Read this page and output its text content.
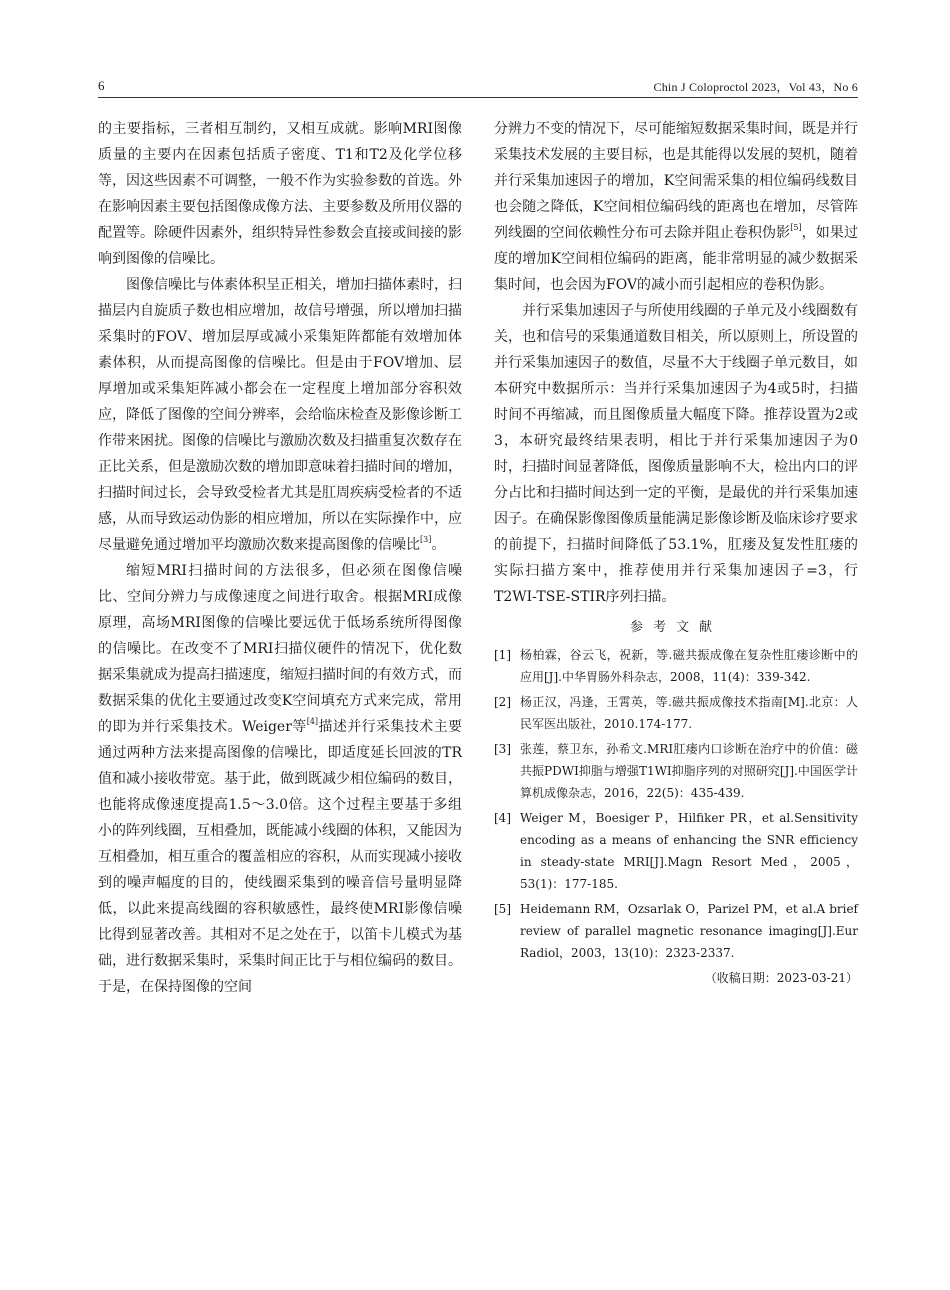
6	Chin J Coloproctol 2023，Vol 43，No 6

的主要指标，三者相互制约，又相互成就。影响MRI图像质量的主要内在因素包括质子密度、T1和T2及化学位移等，因这些因素不可调整，一般不作为实验参数的首选。外在影响因素主要包括图像成像方法、主要参数及所用仪器的配置等。除硬件因素外，组织特异性参数会直接或间接的影响到图像的信噪比。

图像信噪比与体素体积呈正相关，增加扫描体素时，扫描层内自旋质子数也相应增加，故信号增强，所以增加扫描采集时的FOV、增加层厚或减小采集矩阵都能有效增加体素体积，从而提高图像的信噪比。但是由于FOV增加、层厚增加或采集矩阵减小都会在一定程度上增加部分容积效应，降低了图像的空间分辨率，会给临床检查及影像诊断工作带来困扰。图像的信噪比与激励次数及扫描重复次数存在正比关系，但是激励次数的增加即意味着扫描时间的增加，扫描时间过长，会导致受检者尤其是肛周疾病受检者的不适感，从而导致运动伪影的相应增加，所以在实际操作中，应尽量避免通过增加平均激励次数来提高图像的信噪比[3]。

缩短MRI扫描时间的方法很多，但必须在图像信噪比、空间分辨力与成像速度之间进行取舍。根据MRI成像原理，高场MRI图像的信噪比要远优于低场系统所得图像的信噪比。在改变不了MRI扫描仪硬件的情况下，优化数据采集就成为提高扫描速度，缩短扫描时间的有效方式，而数据采集的优化主要通过改变K空间填充方式来完成，常用的即为并行采集技术。Weiger等[4]描述并行采集技术主要通过两种方法来提高图像的信噪比，即适度延长回波的TR值和减小接收带宽。基于此，做到既减少相位编码的数目，也能将成像速度提高1.5～3.0倍。这个过程主要基于多组小的阵列线圈，互相叠加，既能减小线圈的体积，又能因为互相叠加，相互重合的覆盖相应的容积，从而实现减小接收到的噪声幅度的目的，使线圈采集到的噪音信号量明显降低，以此来提高线圈的容积敏感性，最终使MRI影像信噪比得到显著改善。其相对不足之处在于，以笛卡儿模式为基础，进行数据采集时，采集时间正比于与相位编码的数目。于是，在保持图像的空间

分辨力不变的情况下，尽可能缩短数据采集时间，既是并行采集技术发展的主要目标，也是其能得以发展的契机，随着并行采集加速因子的增加，K空间需采集的相位编码线数目也会随之降低，K空间相位编码线的距离也在增加，尽管阵列线圈的空间依赖性分布可去除并阻止卷积伪影[5]，如果过度的增加K空间相位编码的距离，能非常明显的减少数据采集时间，也会因为FOV的减小而引起相应的卷积伪影。

并行采集加速因子与所使用线圈的子单元及小线圈数有关，也和信号的采集通道数目相关，所以原则上，所设置的并行采集加速因子的数值，尽量不大于线圈子单元数目，如本研究中数据所示：当并行采集加速因子为4或5时，扫描时间不再缩减，而且图像质量大幅度下降。推荐设置为2或3，本研究最终结果表明，相比于并行采集加速因子为0时，扫描时间显著降低，图像质量影响不大，检出内口的评分占比和扫描时间达到一定的平衡，是最优的并行采集加速因子。在确保影像图像质量能满足影像诊断及临床诊疗要求的前提下，扫描时间降低了53.1%，肛瘘及复发性肛瘘的实际扫描方案中，推荐使用并行采集加速因子=3，行T2WI-TSE-STIR序列扫描。

参考文献
[1] 杨柏霖，谷云飞，祝新，等.磁共振成像在复杂性肛瘘诊断中的应用[J].中华胃肠外科杂志，2008，11(4)：339-342.
[2] 杨正汉，冯逢，王霄英，等.磁共振成像技术指南[M].北京：人民军医出版社，2010.174-177.
[3] 张莲，蔡卫东，孙希文.MRI肛瘘内口诊断在治疗中的价值：磁共振PDWI抑脂与增强T1WI抑脂序列的对照研究[J].中国医学计算机成像杂志，2016，22(5)：435-439.
[4] Weiger M，Boesiger P，Hilfiker PR，et al.Sensitivity encoding as a means of enhancing the SNR efficiency in steady-state MRI[J].Magn Resort Med，2005，53(1)：177-185.
[5] Heidemann RM，Ozsarlak O，Parizel PM，et al.A brief review of parallel magnetic resonance imaging[J].Eur Radiol，2003，13(10)：2323-2337.
（收稿日期：2023-03-21）
